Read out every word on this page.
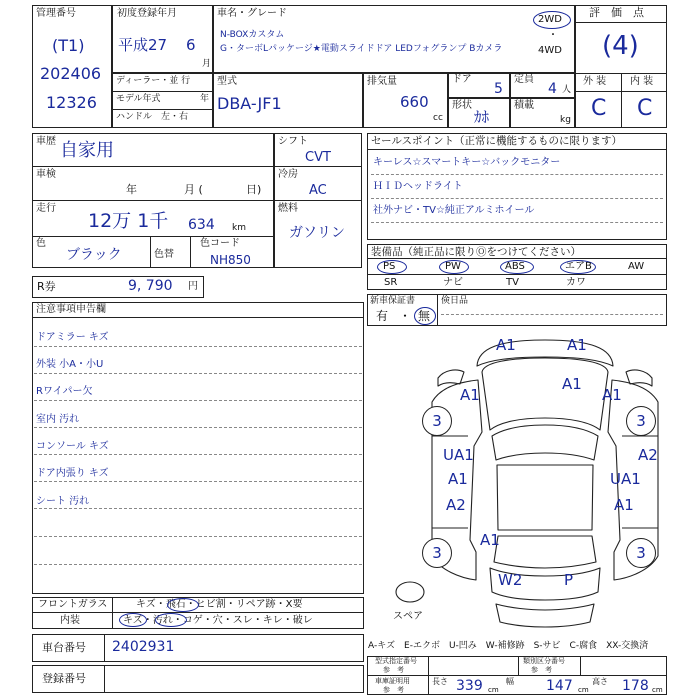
管理番号
(T1)
202406
12326
初度登録年月
平成 27 6
月
車名・グレード
N-BOXカスタム
G・ターボLパッケージ★電動スライドドア LEDフォグランプ Bカメラ
2WD
・
4WD
ディーラー・並 行
モデル年式	年
ハンドル　左・右
型式
DBA-JF1
排気量
660
cc
ドア
5
定員
4 人
形状
ｶﾎ
積載
kg
評　価　点
(4)
外 装 内 装
C C
車歴 自家用
車検
年	月 (	日)
走行
12万 1千 634 km
色
ブラック	色替
色コード
NH850
シフト
CVT
冷房
AC
燃料
ガソリン
R券	9, 790 円
セールスポイント（正常に機能するものに限ります）
キーレス☆スマートキー☆バックモニター
ＨＩＤヘッドライト
社外ナビ・TV☆純正アルミホイール
装備品（純正品に限りⓄをつけてください）
PS	PW	ABS	エアB	AW
SR	ナビ	TV	カワ
新車保証書
有 ・ 無
倹日品
注意事項申告欄
ドアミラー キズ
外装 小A・小U
Rワイパー欠
室内 汚れ
コンソール キズ
ドア内張り キズ
シート 汚れ
フロントガラス	キズ・飛石・ヒビ割・リペア跡・X要
内装	キズ・汚れ・コゲ・穴・スレ・キレ・破レ
車台番号 2402931
登録番号
A-キズ　E-エクボ　U-凹み　W-補修跡　S-サビ　C-腐食　XX-交換済
型式指定番号
参　考
類別区分番号
参　考
車庫証明用
参　考
長さ 339 cm
幅 147 cm
高さ 178 cm
スペア
3	3
3	3
A1	A1
A1
A1	A1
UA1
A1
A2
A2
UA1
A1
A1
W2	P
